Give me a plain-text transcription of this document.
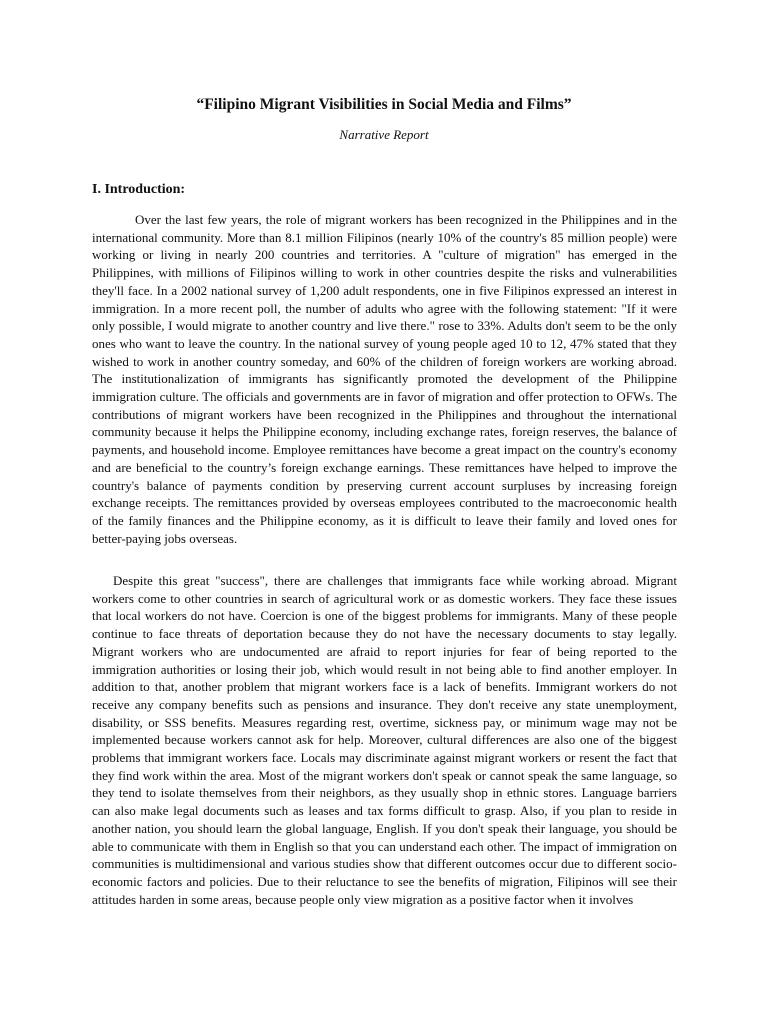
“Filipino Migrant Visibilities in Social Media and Films”
Narrative Report
I. Introduction:

Over the last few years, the role of migrant workers has been recognized in the Philippines and in the international community. More than 8.1 million Filipinos (nearly 10% of the country's 85 million people) were working or living in nearly 200 countries and territories. A "culture of migration" has emerged in the Philippines, with millions of Filipinos willing to work in other countries despite the risks and vulnerabilities they'll face. In a 2002 national survey of 1,200 adult respondents, one in five Filipinos expressed an interest in immigration. In a more recent poll, the number of adults who agree with the following statement: "If it were only possible, I would migrate to another country and live there." rose to 33%. Adults don't seem to be the only ones who want to leave the country. In the national survey of young people aged 10 to 12, 47% stated that they wished to work in another country someday, and 60% of the children of foreign workers are working abroad. The institutionalization of immigrants has significantly promoted the development of the Philippine immigration culture. The officials and governments are in favor of migration and offer protection to OFWs. The contributions of migrant workers have been recognized in the Philippines and throughout the international community because it helps the Philippine economy, including exchange rates, foreign reserves, the balance of payments, and household income. Employee remittances have become a great impact on the country's economy and are beneficial to the country’s foreign exchange earnings. These remittances have helped to improve the country's balance of payments condition by preserving current account surpluses by increasing foreign exchange receipts. The remittances provided by overseas employees contributed to the macroeconomic health of the family finances and the Philippine economy, as it is difficult to leave their family and loved ones for better-paying jobs overseas.

Despite this great "success", there are challenges that immigrants face while working abroad. Migrant workers come to other countries in search of agricultural work or as domestic workers. They face these issues that local workers do not have. Coercion is one of the biggest problems for immigrants. Many of these people continue to face threats of deportation because they do not have the necessary documents to stay legally. Migrant workers who are undocumented are afraid to report injuries for fear of being reported to the immigration authorities or losing their job, which would result in not being able to find another employer. In addition to that, another problem that migrant workers face is a lack of benefits. Immigrant workers do not receive any company benefits such as pensions and insurance. They don't receive any state unemployment, disability, or SSS benefits. Measures regarding rest, overtime, sickness pay, or minimum wage may not be implemented because workers cannot ask for help. Moreover, cultural differences are also one of the biggest problems that immigrant workers face. Locals may discriminate against migrant workers or resent the fact that they find work within the area. Most of the migrant workers don't speak or cannot speak the same language, so they tend to isolate themselves from their neighbors, as they usually shop in ethnic stores. Language barriers can also make legal documents such as leases and tax forms difficult to grasp. Also, if you plan to reside in another nation, you should learn the global language, English. If you don't speak their language, you should be able to communicate with them in English so that you can understand each other. The impact of immigration on communities is multidimensional and various studies show that different outcomes occur due to different socio-economic factors and policies. Due to their reluctance to see the benefits of migration, Filipinos will see their attitudes harden in some areas, because people only view migration as a positive factor when it involves
